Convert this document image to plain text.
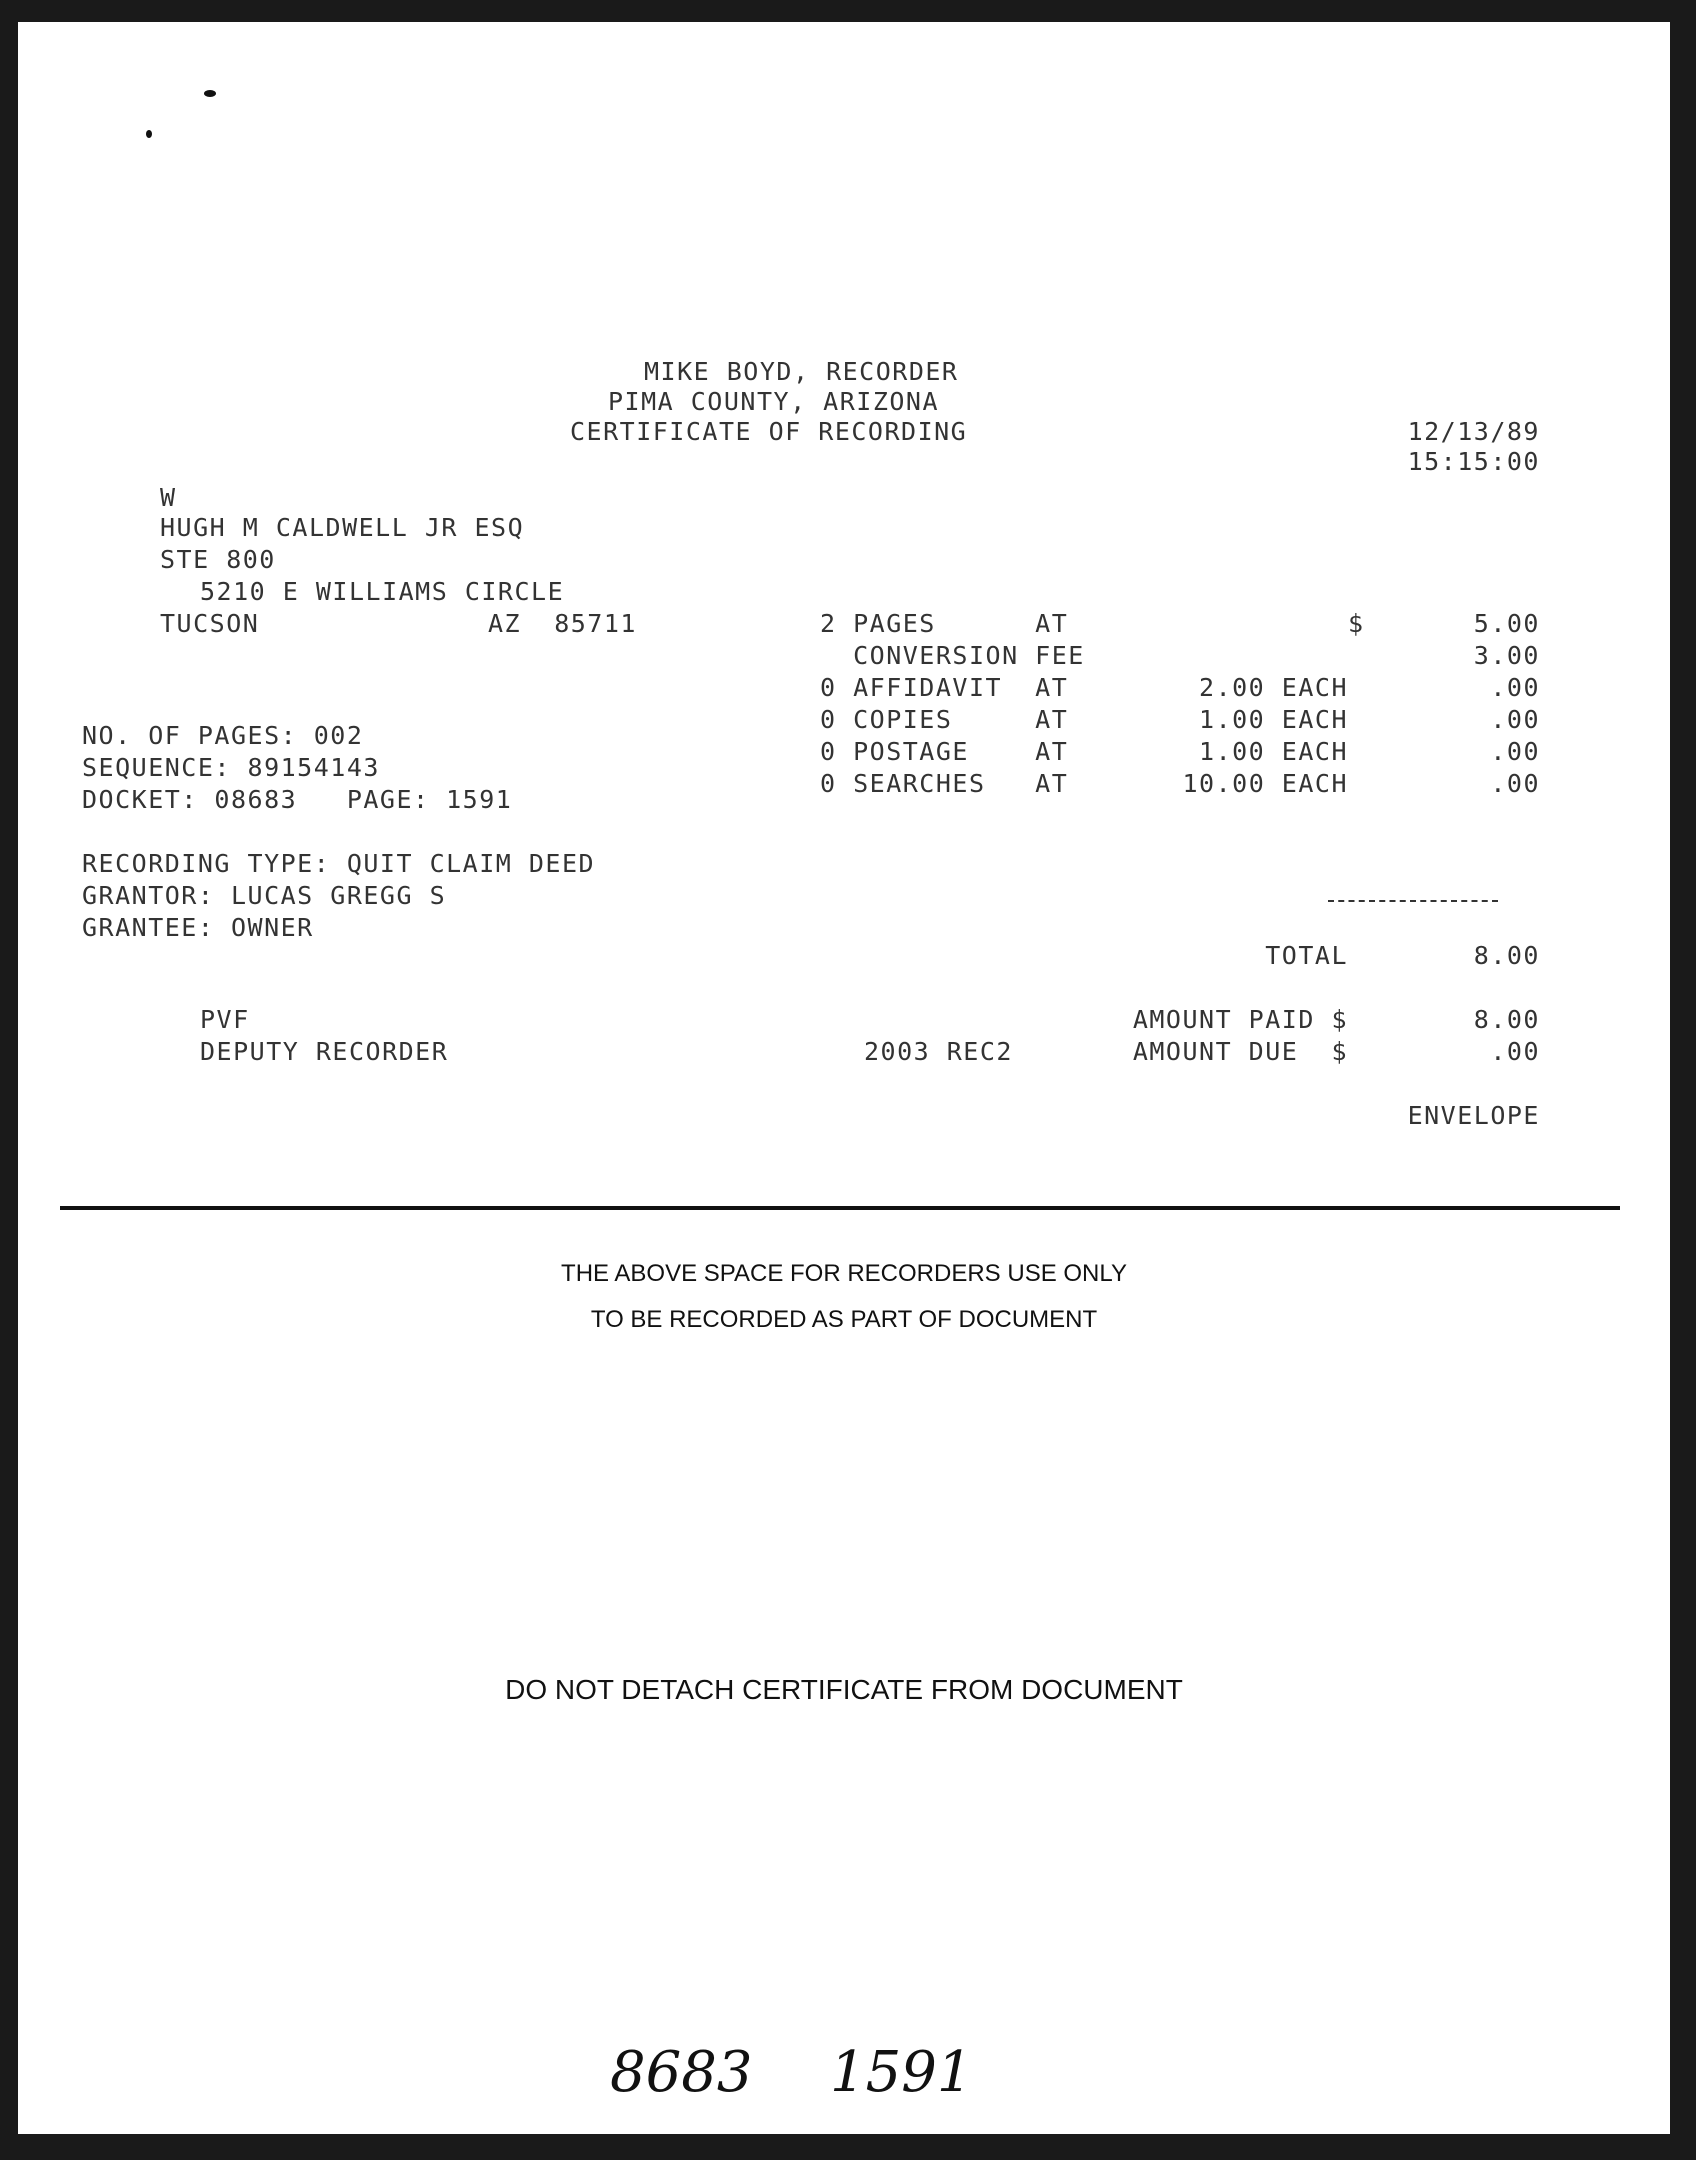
MIKE BOYD, RECORDER
PIMA COUNTY, ARIZONA
CERTIFICATE OF RECORDING	12/13/89
15:15:00
W
HUGH M CALDWELL JR ESQ
STE 800
5210 E WILLIAMS CIRCLE
TUCSON	AZ  85711	2 PAGES      AT	$	5.00
CONVERSION FEE	3.00
0 AFFIDAVIT  AT	2.00 EACH	.00
0 COPIES     AT	1.00 EACH	.00
0 POSTAGE    AT	1.00 EACH	.00
0 SEARCHES   AT	10.00 EACH	.00
NO. OF PAGES: 002
SEQUENCE: 89154143
DOCKET: 08683   PAGE: 1591
RECORDING TYPE: QUIT CLAIM DEED
GRANTOR: LUCAS GREGG S
GRANTEE: OWNER
TOTAL	8.00
PVF
DEPUTY RECORDER	2003 REC2
AMOUNT PAID $	8.00
AMOUNT DUE  $	.00
ENVELOPE
THE ABOVE SPACE FOR RECORDERS USE ONLY
TO BE RECORDED AS PART OF DOCUMENT
DO NOT DETACH CERTIFICATE FROM DOCUMENT
8683 1591
